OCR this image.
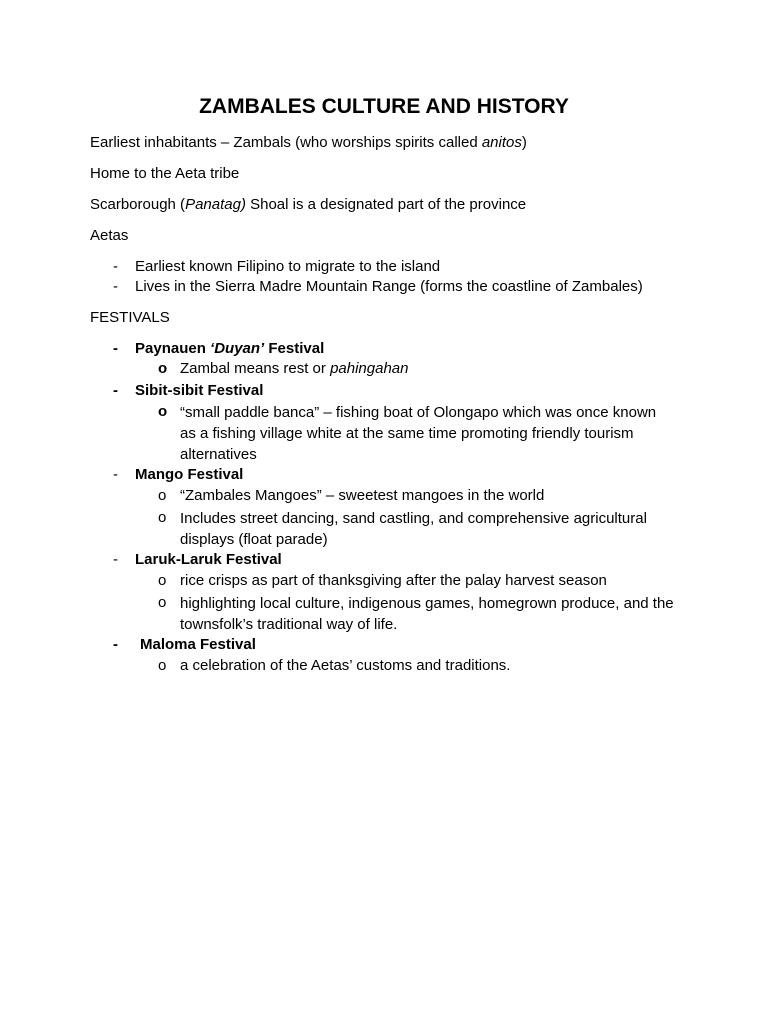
ZAMBALES CULTURE AND HISTORY
Earliest inhabitants – Zambals (who worships spirits called anitos)
Home to the Aeta tribe
Scarborough (Panatag) Shoal is a designated part of the province
Aetas
- Earliest known Filipino to migrate to the island
- Lives in the Sierra Madre Mountain Range (forms the coastline of Zambales)
FESTIVALS
- Paynauen ‘Duyan’ Festival
o Zambal means rest or pahingahan
- Sibit-sibit Festival
o “small paddle banca” – fishing boat of Olongapo which was once known as a fishing village white at the same time promoting friendly tourism alternatives
- Mango Festival
o “Zambales Mangoes” – sweetest mangoes in the world
o Includes street dancing, sand castling, and comprehensive agricultural displays (float parade)
- Laruk-Laruk Festival
o rice crisps as part of thanksgiving after the palay harvest season
o highlighting local culture, indigenous games, homegrown produce, and the townsfolk’s traditional way of life.
- Maloma Festival
o a celebration of the Aetas’ customs and traditions.
